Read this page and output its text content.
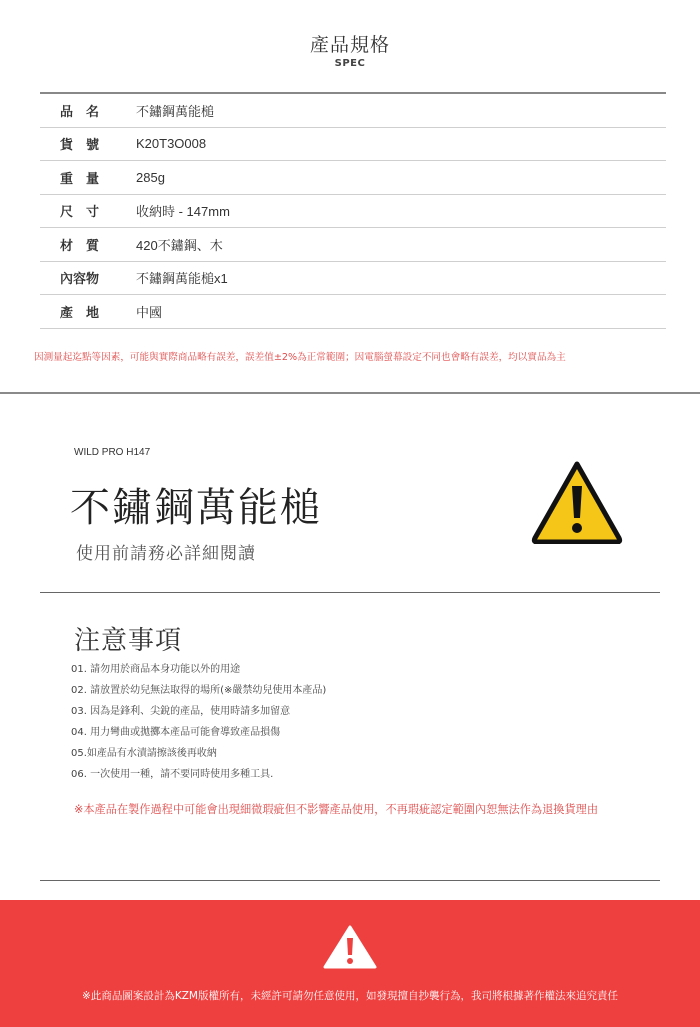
產品規格
SPEC
品　名	不鏽鋼萬能槌
貨　號	K20T3O008
重　量	285g
尺　寸	收納時 - 147mm
材　質	420不鏽鋼、木
內容物	不鏽鋼萬能槌x1
產　地	中國
因測量起迄點等因素，可能與實際商品略有誤差，誤差值±2%為正常範圍；因電腦螢幕設定不同也會略有誤差，均以實品為主
WILD PRO H147
不鏽鋼萬能槌
使用前請務必詳細閱讀
注意事項
01. 請勿用於商品本身功能以外的用途
02. 請放置於幼兒無法取得的場所(※嚴禁幼兒使用本產品)
03. 因為是鋒利、尖銳的產品，使用時請多加留意
04. 用力彎曲或拋擲本產品可能會導致產品損傷
05.如產品有水漬請擦該後再收納
06. 一次使用一種，請不要同時使用多種工具.
※本產品在製作過程中可能會出現細微瑕疵但不影響產品使用，不再瑕疵認定範圍內恕無法作為退換貨理由
※此商品圖案設計為KZM版權所有，未經許可請勿任意使用，如發現擅自抄襲行為，我司將根據著作權法來追究責任
